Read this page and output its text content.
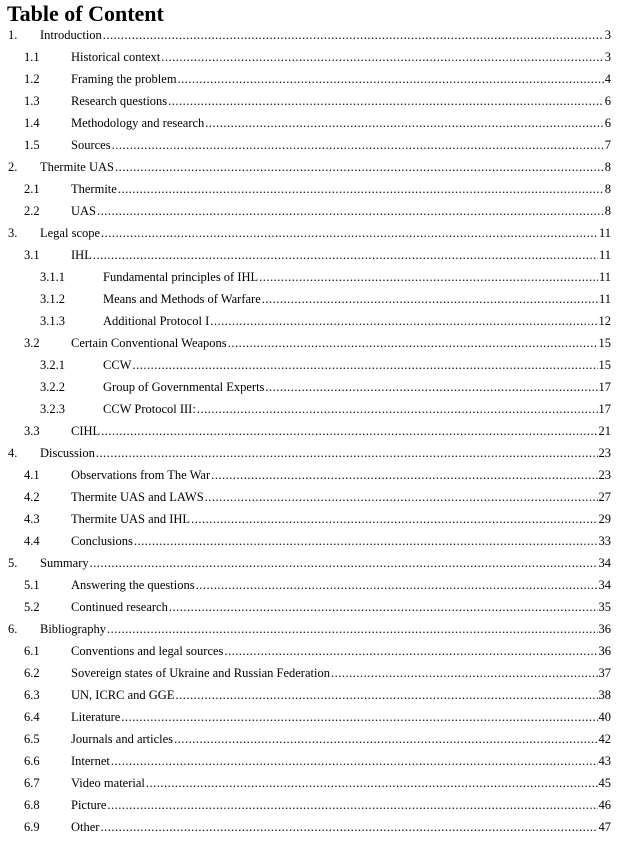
Table of Content
1.	Introduction .....	3
1.1	Historical context .....	3
1.2	Framing the problem .....	4
1.3	Research questions .....	6
1.4	Methodology and research .....	6
1.5	Sources .....	7
2.	Thermite UAS .....	8
2.1	Thermite .....	8
2.2	UAS .....	8
3.	Legal scope .....	11
3.1	IHL .....	11
3.1.1	Fundamental principles of IHL .....	11
3.1.2	Means and Methods of Warfare .....	11
3.1.3	Additional Protocol I .....	12
3.2	Certain Conventional Weapons .....	15
3.2.1	CCW .....	15
3.2.2	Group of Governmental Experts .....	17
3.2.3	CCW Protocol III: .....	17
3.3	CIHL .....	21
4.	Discussion .....	23
4.1	Observations from The War .....	23
4.2	Thermite UAS and LAWS .....	27
4.3	Thermite UAS and IHL .....	29
4.4	Conclusions .....	33
5.	Summary .....	34
5.1	Answering the questions .....	34
5.2	Continued research .....	35
6.	Bibliography .....	36
6.1	Conventions and legal sources .....	36
6.2	Sovereign states of Ukraine and Russian Federation .....	37
6.3	UN, ICRC and GGE .....	38
6.4	Literature .....	40
6.5	Journals and articles .....	42
6.6	Internet .....	43
6.7	Video material .....	45
6.8	Picture .....	46
6.9	Other .....	47
